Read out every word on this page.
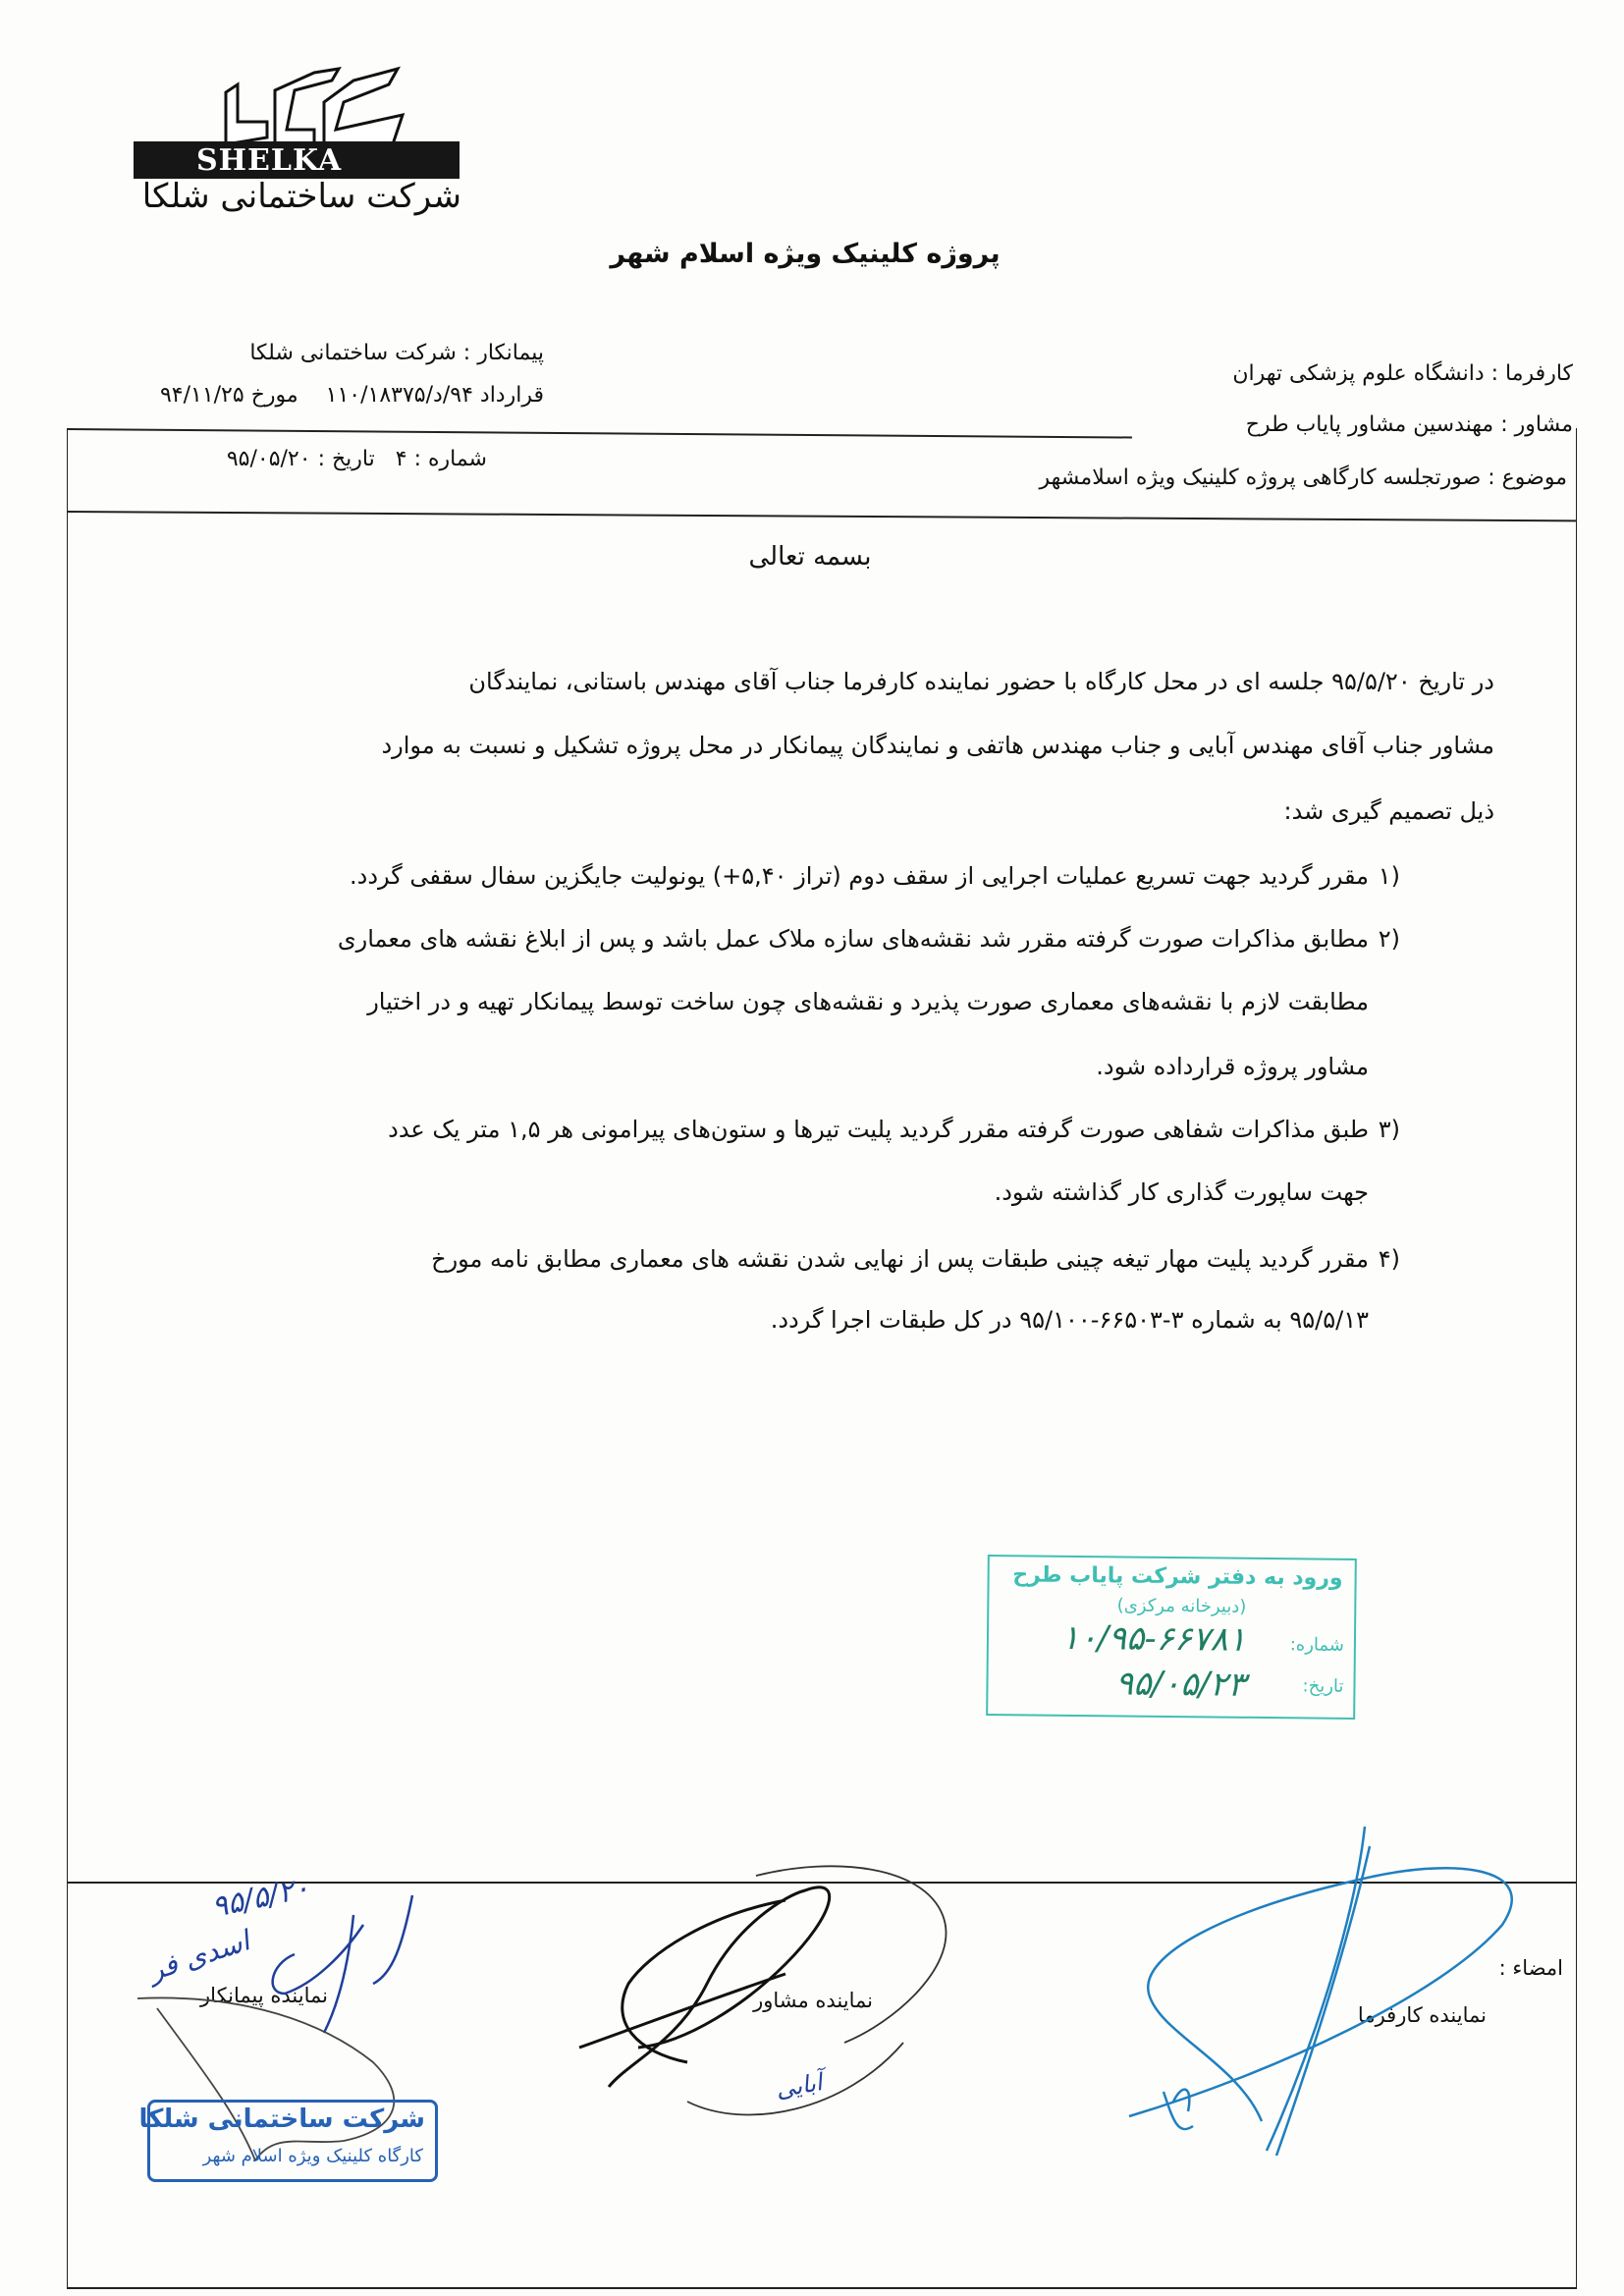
SHELKA
شرکت ساختمانی شلکا
پروژه کلینیک ویژه اسلام شهر
پیمانکار : شرکت ساختمانی شلکا
قرارداد ۹۴/د/۱۱۰/۱۸۳۷۵    مورخ ۹۴/۱۱/۲۵
کارفرما : دانشگاه علوم پزشکی تهران
مشاور : مهندسین مشاور پایاب طرح
موضوع : صورتجلسه کارگاهی پروژه کلینیک ویژه اسلامشهر
شماره : ۴   تاریخ : ۹۵/۰۵/۲۰
بسمه تعالی
در تاریخ ۹۵/۵/۲۰ جلسه ای در محل کارگاه با حضور نماینده کارفرما جناب آقای مهندس باستانی، نمایندگان
مشاور جناب آقای مهندس آبایی و جناب مهندس هاتفی و نمایندگان پیمانکار در محل پروژه تشکیل و نسبت به موارد
ذیل تصمیم گیری شد:
۱)
مقرر گردید جهت تسریع عملیات اجرایی از سقف دوم (تراز ۵,۴۰+) یونولیت جایگزین سفال سقفی گردد.
۲)
مطابق مذاکرات صورت گرفته مقرر شد نقشه‌های سازه ملاک عمل باشد و پس از ابلاغ نقشه های معماری
مطابقت لازم با نقشه‌های معماری صورت پذیرد و نقشه‌های چون ساخت توسط پیمانکار تهیه و در اختیار
مشاور پروژه قرارداده شود.
۳)
طبق مذاکرات شفاهی صورت گرفته مقرر گردید پلیت تیرها و ستون‌های پیرامونی هر ۱,۵ متر یک عدد
جهت ساپورت گذاری کار گذاشته شود.
۴)
مقرر گردید پلیت مهار تیغه چینی طبقات پس از نهایی شدن نقشه های معماری مطابق نامه مورخ
۹۵/۵/۱۳ به شماره ۳-۶۶۵۰۳-۹۵/۱۰۰ در کل طبقات اجرا گردد.
ورود به دفتر شرکت پایاب طرح
(دبیرخانه مرکزی)
شماره:
۱۰/۹۵-۶۶۷۸۱
تاریخ:
۹۵/۰۵/۲۳
امضاء :
نماینده کارفرما
نماینده مشاور
نماینده پیمانکار
۹۵/۵/۲۰
اسدی فر
آبایی
شرکت ساختمانی شلکا
کارگاه کلینیک ویژه اسلام شهر
